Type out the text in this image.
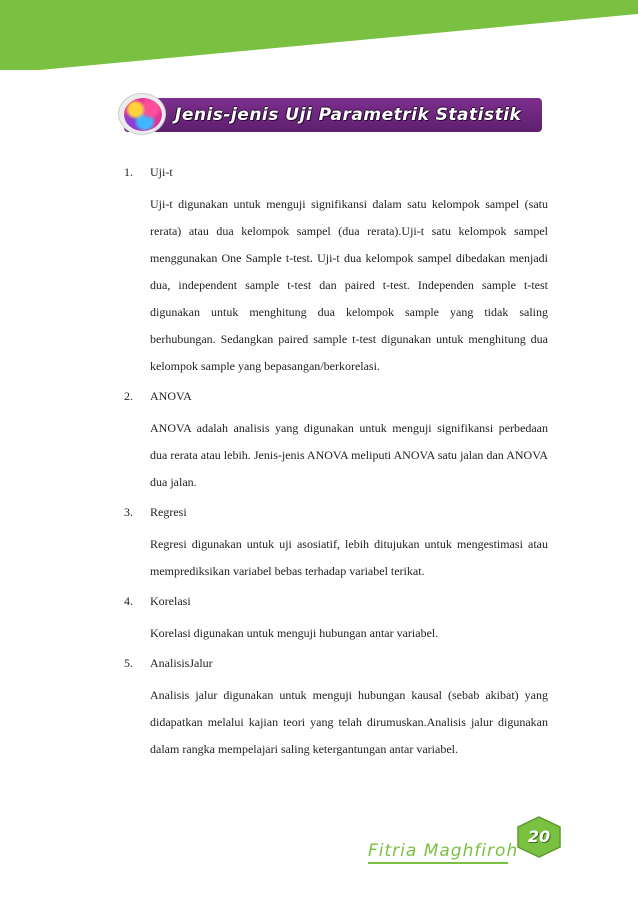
Jenis-jenis Uji Parametrik Statistik
1.	Uji-t

Uji-t digunakan untuk menguji signifikansi dalam satu kelompok sampel (satu rerata) atau dua kelompok sampel (dua rerata).Uji-t satu kelompok sampel menggunakan One Sample t-test. Uji-t dua kelompok sampel dibedakan menjadi dua, independent sample t-test dan paired t-test. Independen sample t-test digunakan untuk menghitung dua kelompok sample yang tidak saling berhubungan. Sedangkan paired sample t-test digunakan untuk menghitung dua kelompok sample yang bepasangan/berkorelasi.

2.	ANOVA

ANOVA adalah analisis yang digunakan untuk menguji signifikansi perbedaan dua rerata atau lebih. Jenis-jenis ANOVA meliputi ANOVA satu jalan dan ANOVA dua jalan.

3.	Regresi

Regresi digunakan untuk uji asosiatif, lebih ditujukan untuk mengestimasi atau memprediksikan variabel bebas terhadap variabel terikat.

4.	Korelasi

Korelasi digunakan untuk menguji hubungan antar variabel.

5.	AnalisisJalur

Analisis jalur digunakan untuk menguji hubungan kausal (sebab akibat) yang didapatkan melalui kajian teori yang telah dirumuskan.Analisis jalur digunakan dalam rangka mempelajari saling ketergantungan antar variabel.

Fitria Maghfiroh
20
